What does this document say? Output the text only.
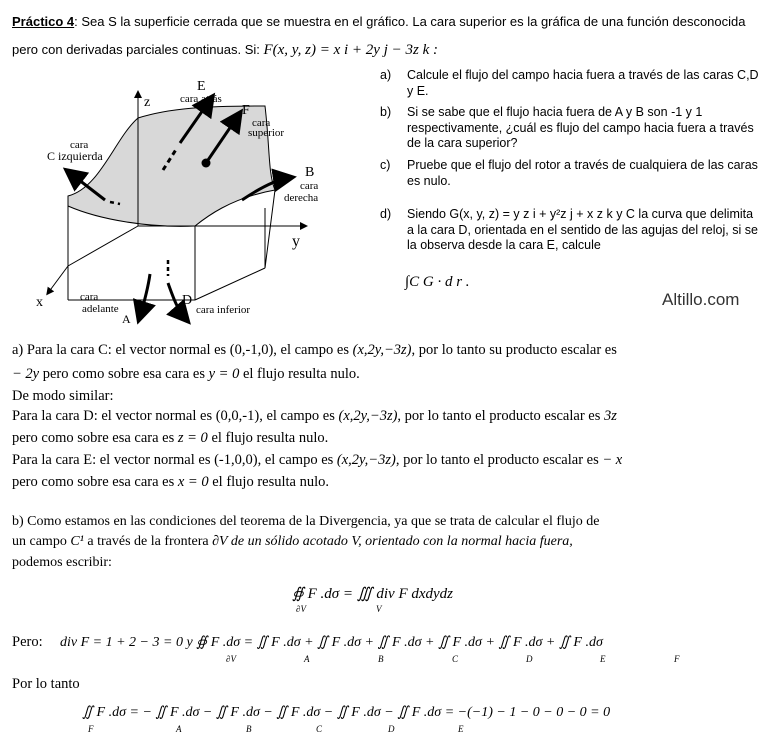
Práctico 4: Sea S la superficie cerrada que se muestra en el gráfico. La cara superior es la gráfica de una función desconocida
pero con derivadas parciales continuas. Si: F(x, y, z) = x i + 2y j − 3z k :
z
y
x
E
cara atrás
F
cara
superior
cara
C izquierda
B
cara
derecha
cara
adelante
A
D
cara inferior
a) Calcule el flujo del campo hacia fuera a través de las caras C,D y E.
b) Si se sabe que el flujo hacia fuera de A y B son -1 y 1 respectivamente, ¿cuál es flujo del campo hacia fuera a través de la cara superior?
c) Pruebe que el flujo del rotor a través de cualquiera de las caras es nulo.
d) Siendo G(x, y, z) = y z i + y²z j + x z k y C la curva que delimita a la cara D, orientada en el sentido de las agujas del reloj, si se la observa desde la cara E, calcule
∫C G · d r .
Altillo.com
a) Para la cara C: el vector normal es (0,-1,0), el campo es (x,2y,−3z), por lo tanto su producto escalar es
− 2y pero como sobre esa cara es y = 0 el flujo resulta nulo.
De modo similar:
Para la cara D: el vector normal es (0,0,-1), el campo es (x,2y,−3z), por lo tanto el producto escalar es 3z
pero como sobre esa cara es z = 0 el flujo resulta nulo.
Para la cara E: el vector normal es (-1,0,0), el campo es (x,2y,−3z), por lo tanto el producto escalar es − x
pero como sobre esa cara es x = 0 el flujo resulta nulo.
b) Como estamos en las condiciones del teorema de la Divergencia, ya que se trata de calcular el flujo de
un campo C¹ a través de la frontera ∂V de un sólido acotado V, orientado con la normal hacia fuera,
podemos escribir:
∯ F .dσ = ∭ div F dxdydz
∂V	V
Pero: div F = 1 + 2 − 3 = 0 y ∯ F .dσ = ∬ F .dσ + ∬ F .dσ + ∬ F .dσ + ∬ F .dσ + ∬ F .dσ + ∬ F .dσ
∂V	A	B	C	D	E	F
Por lo tanto
∬ F .dσ = − ∬ F .dσ − ∬ F .dσ − ∬ F .dσ − ∬ F .dσ − ∬ F .dσ = −(−1) − 1 − 0 − 0 − 0 = 0
F	A	B	C	D	E
